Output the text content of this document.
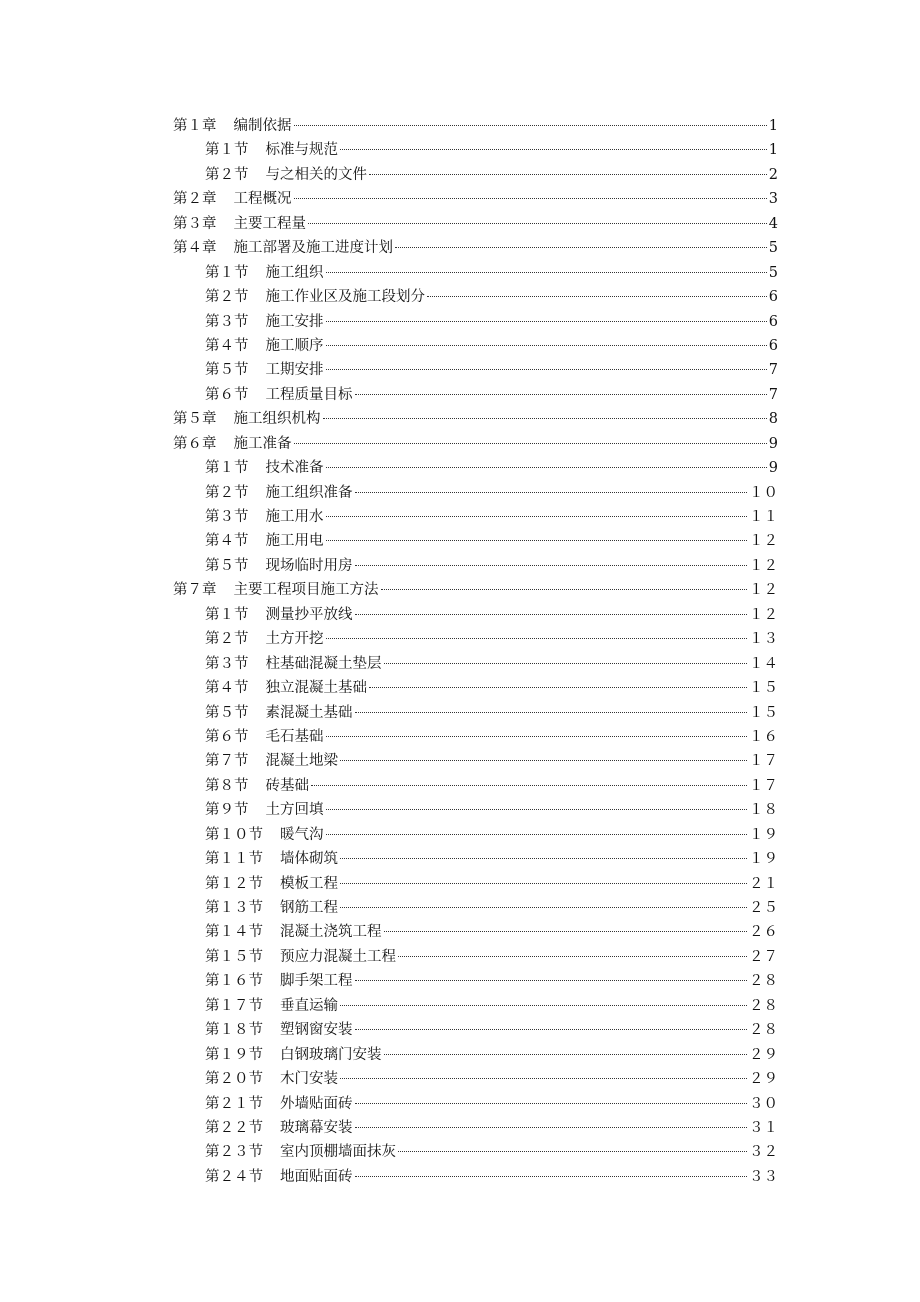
第１章	编制依据	1
第１节	标准与规范	1
第２节	与之相关的文件	2
第２章	工程概况	3
第３章	主要工程量	4
第４章	施工部署及施工进度计划	5
第１节	施工组织	5
第２节	施工作业区及施工段划分	6
第３节	施工安排	6
第４节	施工顺序	6
第５节	工期安排	7
第６节	工程质量目标	7
第５章	施工组织机构	8
第６章	施工准备	9
第１节	技术准备	9
第２节	施工组织准备	１０
第３节	施工用水	１１
第４节	施工用电	１２
第５节	现场临时用房	１２
第７章	主要工程项目施工方法	１２
第１节	测量抄平放线	１２
第２节	土方开挖	１３
第３节	柱基础混凝土垫层	１４
第４节	独立混凝土基础	１５
第５节	素混凝土基础	１５
第６节	毛石基础	１６
第７节	混凝土地梁	１７
第８节	砖基础	１７
第９节	土方回填	１８
第１０节	暖气沟	１９
第１１节	墙体砌筑	１９
第１２节	模板工程	２１
第１３节	钢筋工程	２５
第１４节	混凝土浇筑工程	２６
第１５节	预应力混凝土工程	２７
第１６节	脚手架工程	２８
第１７节	垂直运输	２８
第１８节	塑钢窗安装	２８
第１９节	白钢玻璃门安装	２９
第２０节	木门安装	２９
第２１节	外墙贴面砖	３０
第２２节	玻璃幕安装	３１
第２３节	室内顶棚墙面抹灰	３２
第２４节	地面贴面砖	３３
